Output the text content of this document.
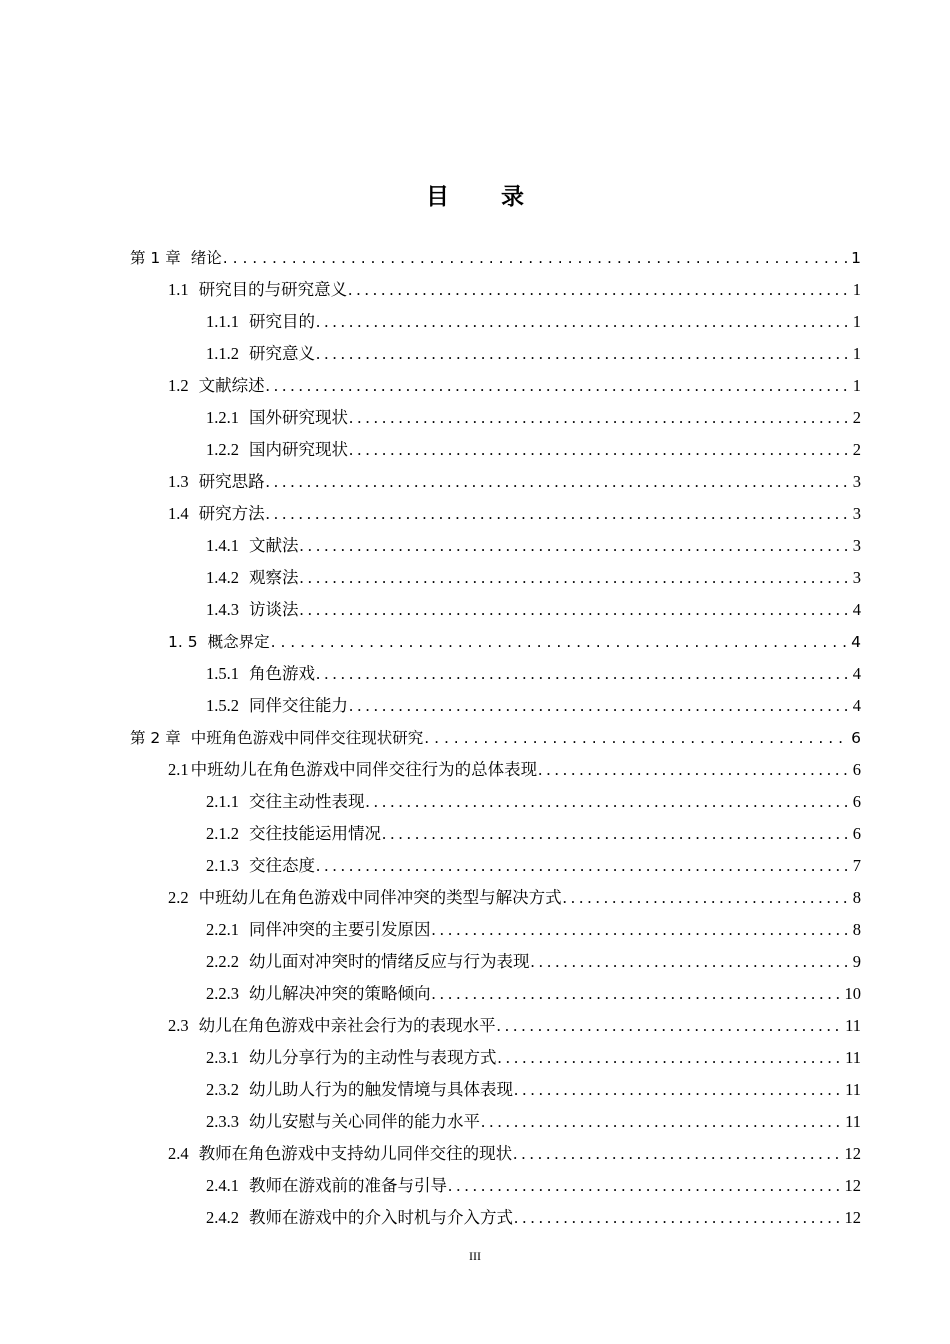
目 录
第 1 章 绪论 . . .	1
1.1 研究目的与研究意义 . . .	1
1.1.1 研究目的 . . .	1
1.1.2 研究意义 . . .	1
1.2 文献综述 . . .	1
1.2.1 国外研究现状 . . .	2
1.2.2 国内研究现状 . . .	2
1.3 研究思路 . . .	3
1.4 研究方法 . . .	3
1.4.1 文献法 . . .	3
1.4.2 观察法 . . .	3
1.4.3 访谈法 . . .	4
1. 5 概念界定 . . .	4
1.5.1 角色游戏 . . .	4
1.5.2 同伴交往能力 . . .	4
第 2 章 中班角色游戏中同伴交往现状研究 . . .	6
2.1 中班幼儿在角色游戏中同伴交往行为的总体表现 . . .	6
2.1.1 交往主动性表现 . . .	6
2.1.2 交往技能运用情况 . . .	6
2.1.3 交往态度 . . .	7
2.2 中班幼儿在角色游戏中同伴冲突的类型与解决方式 . . .	8
2.2.1 同伴冲突的主要引发原因 . . .	8
2.2.2 幼儿面对冲突时的情绪反应与行为表现 . . .	9
2.2.3 幼儿解决冲突的策略倾向 . . .	10
2.3 幼儿在角色游戏中亲社会行为的表现水平 . . .	11
2.3.1 幼儿分享行为的主动性与表现方式 . . .	11
2.3.2 幼儿助人行为的触发情境与具体表现 . . .	11
2.3.3 幼儿安慰与关心同伴的能力水平 . . .	11
2.4 教师在角色游戏中支持幼儿同伴交往的现状 . . .	12
2.4.1 教师在游戏前的准备与引导 . . .	12
2.4.2 教师在游戏中的介入时机与介入方式 . . .	12
III
